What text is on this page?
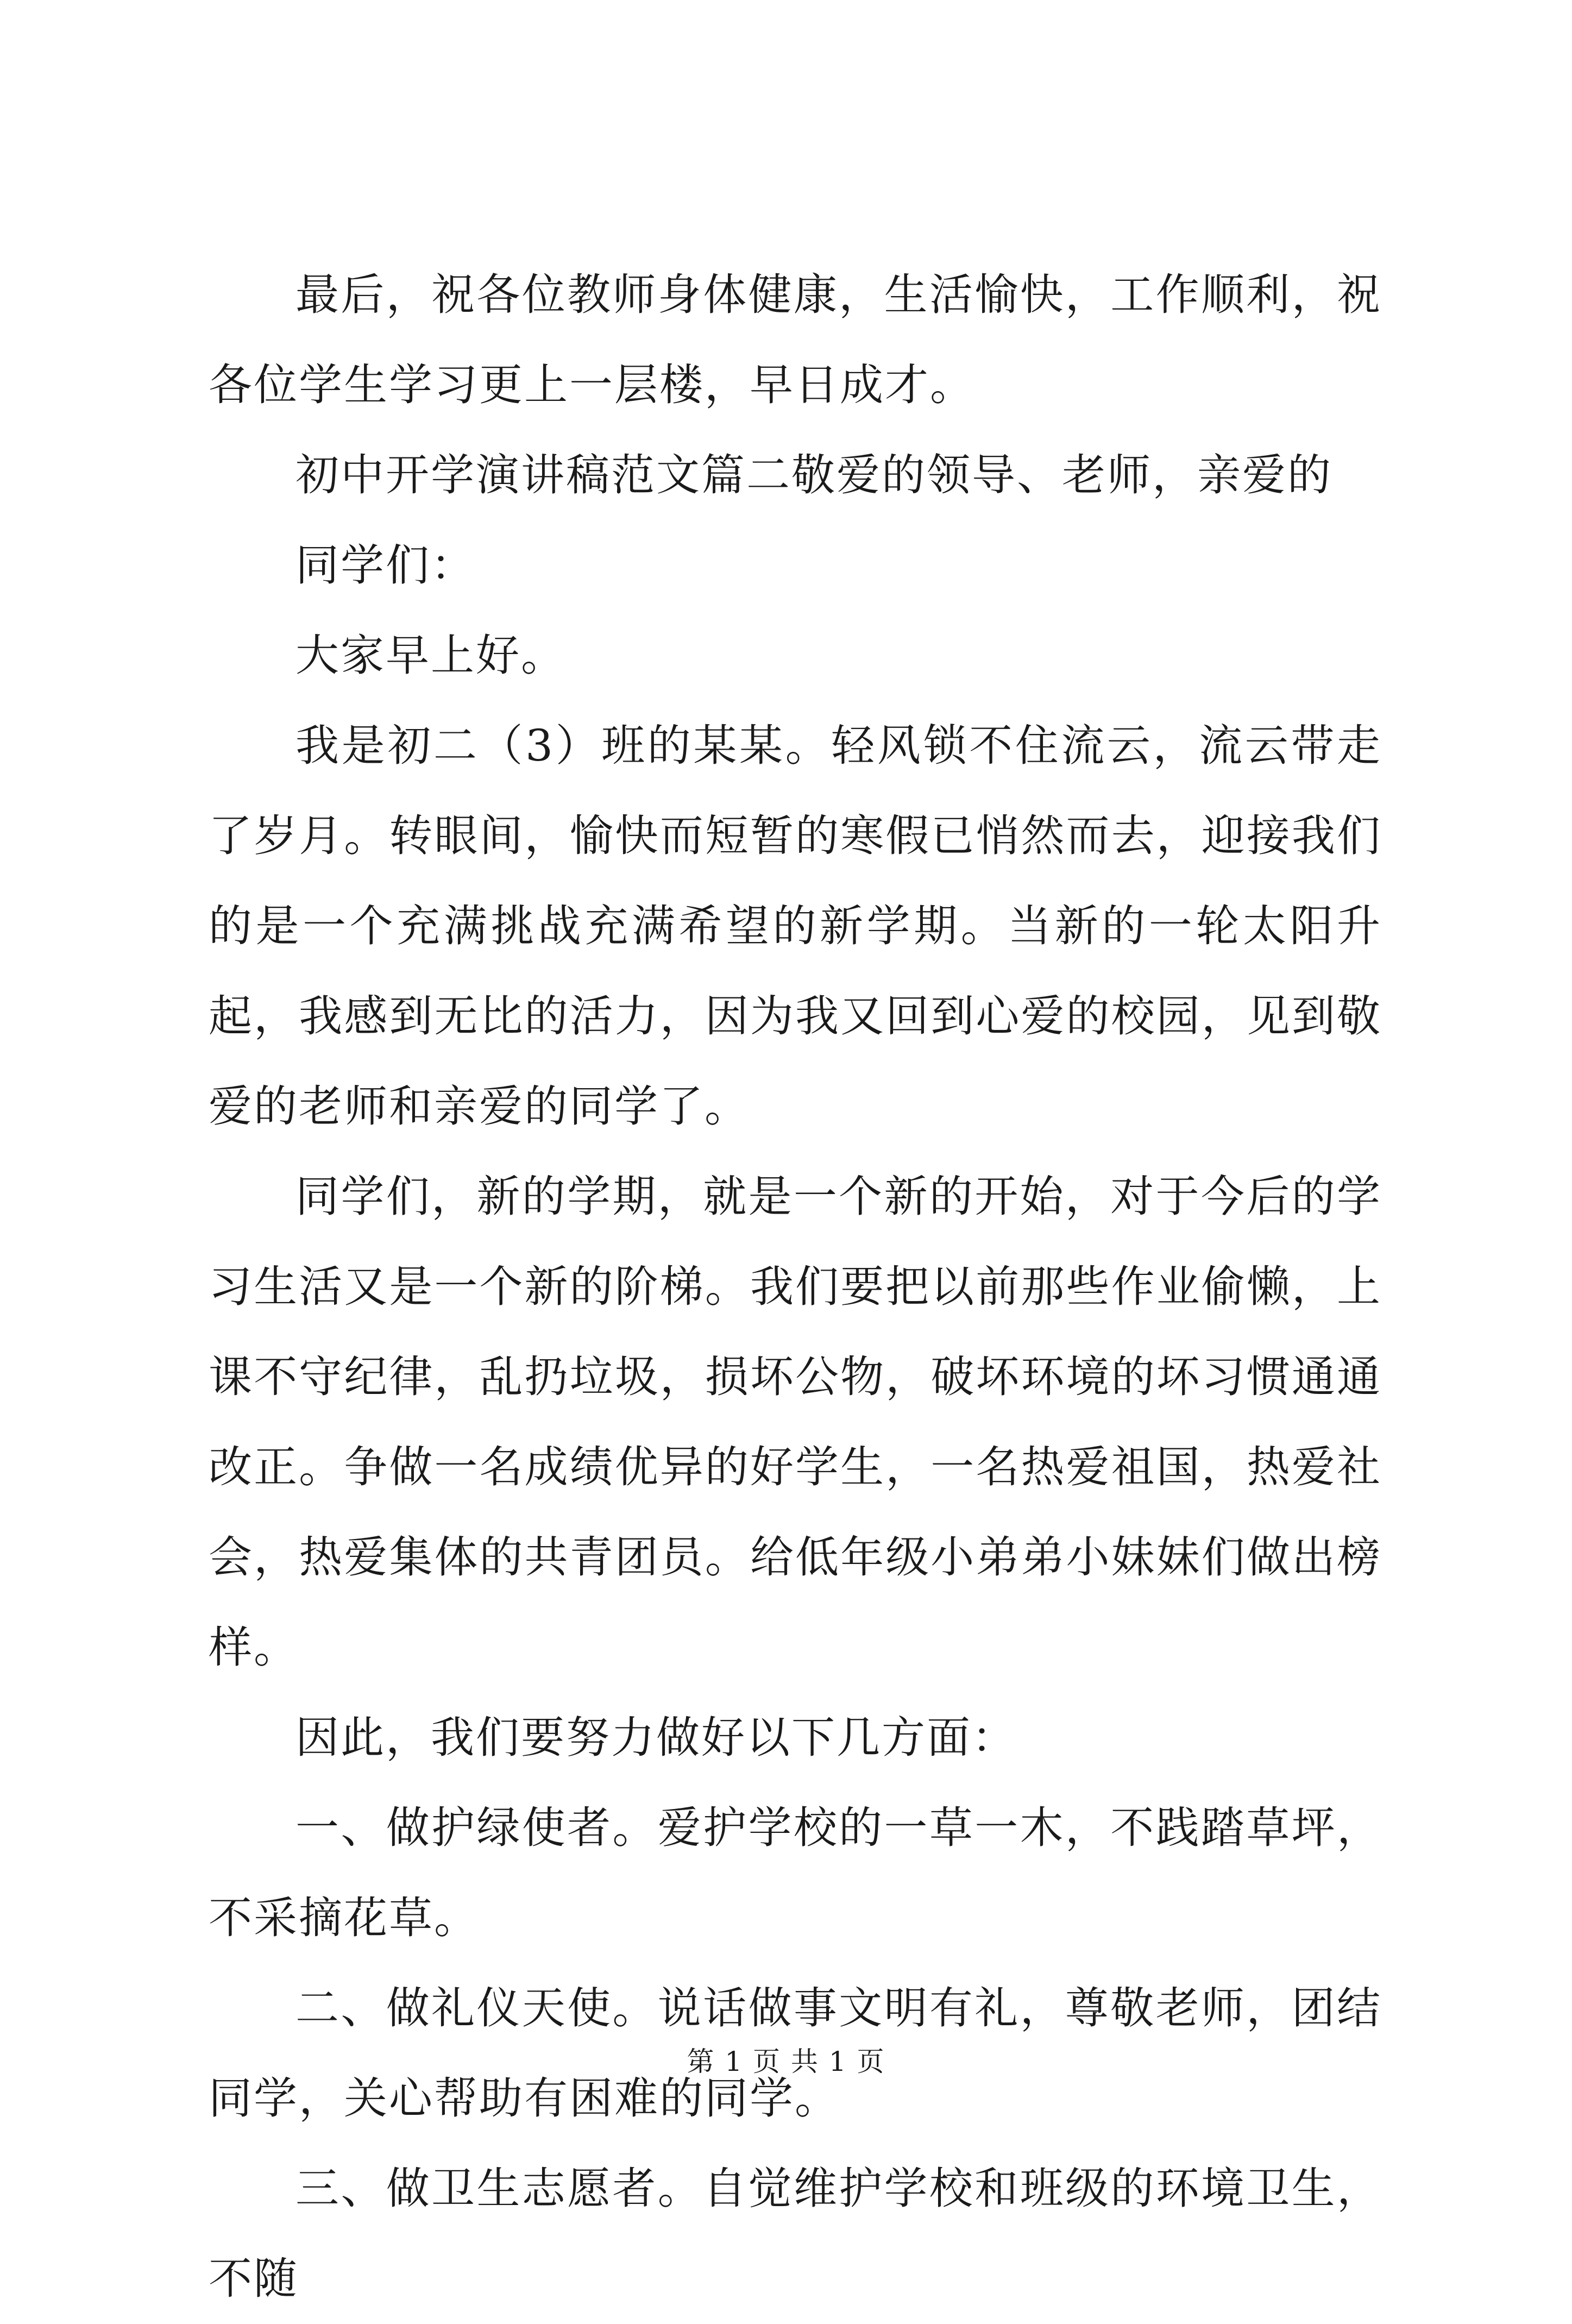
最后，祝各位教师身体健康，生活愉快，工作顺利，祝各位学生学习更上一层楼，早日成才。

初中开学演讲稿范文篇二敬爱的领导、老师，亲爱的

同学们：

大家早上好。

我是初二（3）班的某某。轻风锁不住流云，流云带走了岁月。转眼间，愉快而短暂的寒假已悄然而去，迎接我们的是一个充满挑战充满希望的新学期。当新的一轮太阳升起，我感到无比的活力，因为我又回到心爱的校园，见到敬爱的老师和亲爱的同学了。

同学们，新的学期，就是一个新的开始，对于今后的学习生活又是一个新的阶梯。我们要把以前那些作业偷懒，上课不守纪律，乱扔垃圾，损坏公物，破坏环境的坏习惯通通改正。争做一名成绩优异的好学生，一名热爱祖国，热爱社会，热爱集体的共青团员。给低年级小弟弟小妹妹们做出榜样。

因此，我们要努力做好以下几方面：

一、做护绿使者。爱护学校的一草一木，不践踏草坪，不采摘花草。

二、做礼仪天使。说话做事文明有礼，尊敬老师，团结同学，关心帮助有困难的同学。

三、做卫生志愿者。自觉维护学校和班级的环境卫生，不随

第 1 页 共 1 页
